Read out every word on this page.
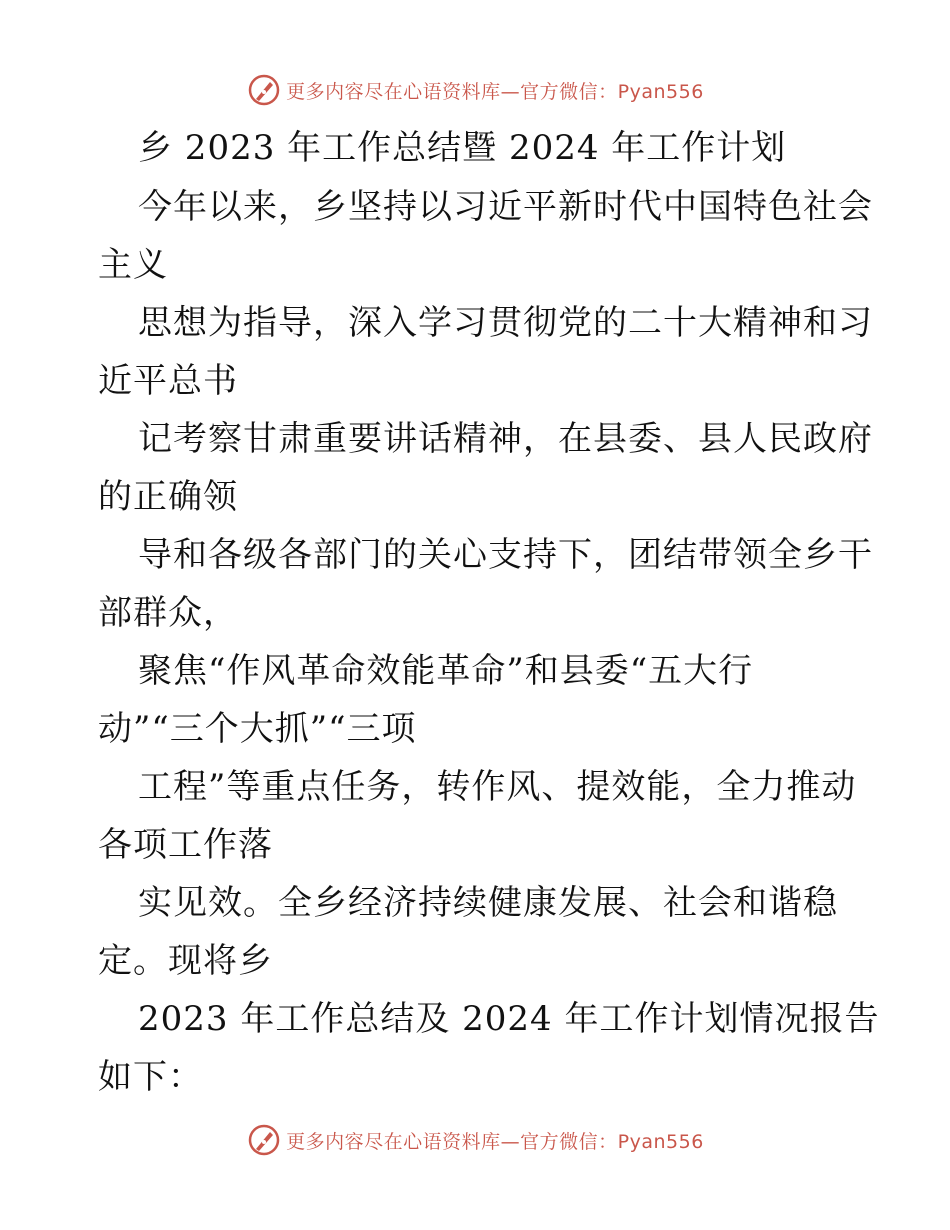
更多内容尽在心语资料库—官方微信：Pyan556
乡 2023 年工作总结暨 2024 年工作计划
今年以来，乡坚持以习近平新时代中国特色社会
主义
思想为指导，深入学习贯彻党的二十大精神和习
近平总书
记考察甘肃重要讲话精神，在县委、县人民政府
的正确领
导和各级各部门的关心支持下，团结带领全乡干
部群众，
聚焦“作风革命效能革命”和县委“五大行
动”“三个大抓”“三项
工程”等重点任务，转作风、提效能，全力推动
各项工作落
实见效。全乡经济持续健康发展、社会和谐稳
定。现将乡
2023 年工作总结及 2024 年工作计划情况报告
如下：
更多内容尽在心语资料库—官方微信：Pyan556
